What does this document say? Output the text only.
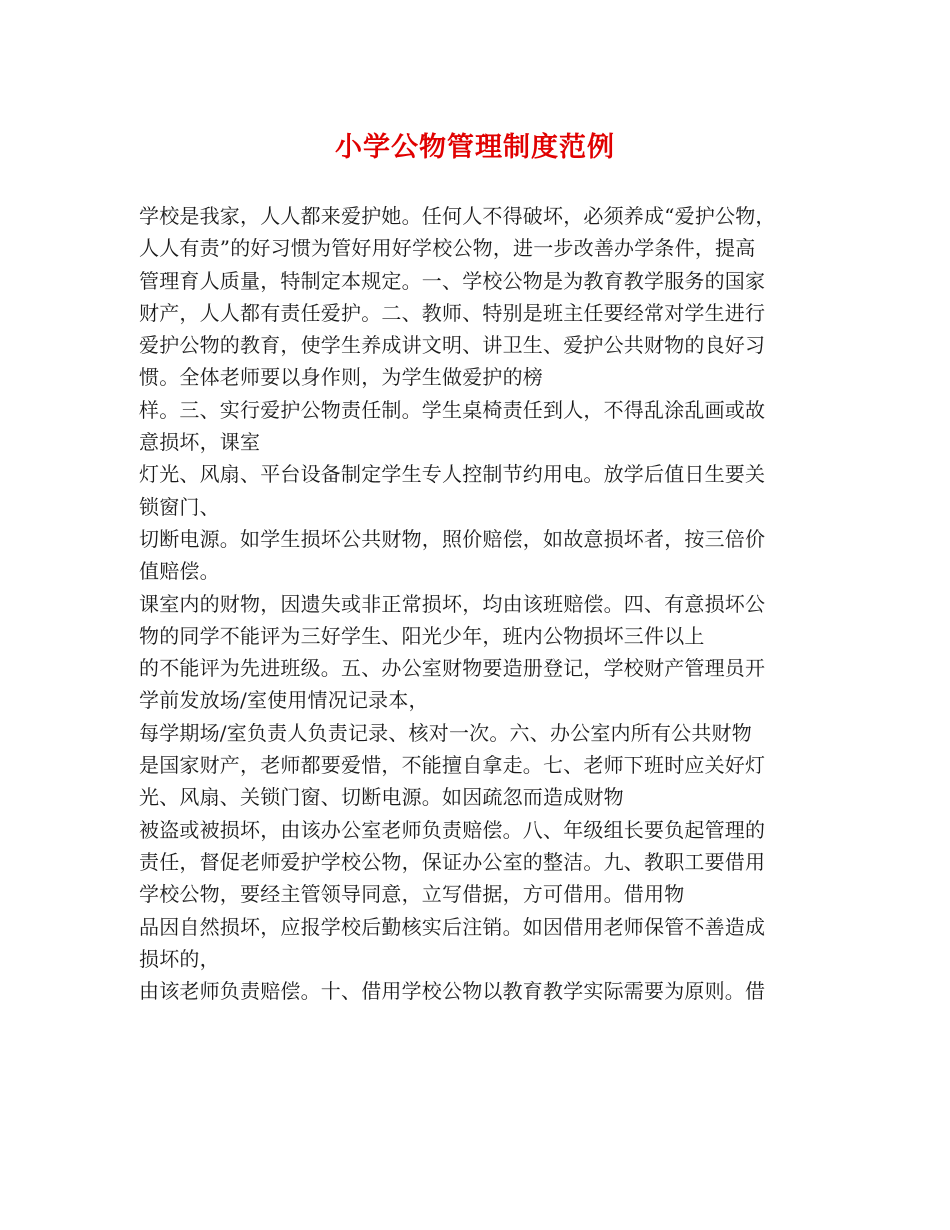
小学公物管理制度范例
学校是我家，人人都来爱护她。任何人不得破坏，必须养成“爱护公物，
人人有责”的好习惯为管好用好学校公物，进一步改善办学条件，提高
管理育人质量，特制定本规定。一、学校公物是为教育教学服务的国家
财产，人人都有责任爱护。二、教师、特别是班主任要经常对学生进行
爱护公物的教育，使学生养成讲文明、讲卫生、爱护公共财物的良好习
惯。全体老师要以身作则，为学生做爱护的榜
样。三、实行爱护公物责任制。学生桌椅责任到人，不得乱涂乱画或故
意损坏，课室
灯光、风扇、平台设备制定学生专人控制节约用电。放学后值日生要关
锁窗门、
切断电源。如学生损坏公共财物，照价赔偿，如故意损坏者，按三倍价
值赔偿。
课室内的财物，因遗失或非正常损坏，均由该班赔偿。四、有意损坏公
物的同学不能评为三好学生、阳光少年，班内公物损坏三件以上
的不能评为先进班级。五、办公室财物要造册登记，学校财产管理员开
学前发放场/室使用情况记录本，
每学期场/室负责人负责记录、核对一次。六、办公室内所有公共财物
是国家财产，老师都要爱惜，不能擅自拿走。七、老师下班时应关好灯
光、风扇、关锁门窗、切断电源。如因疏忽而造成财物
被盗或被损坏，由该办公室老师负责赔偿。八、年级组长要负起管理的
责任，督促老师爱护学校公物，保证办公室的整洁。九、教职工要借用
学校公物，要经主管领导同意，立写借据，方可借用。借用物
品因自然损坏，应报学校后勤核实后注销。如因借用老师保管不善造成
损坏的，
由该老师负责赔偿。十、借用学校公物以教育教学实际需要为原则。借
